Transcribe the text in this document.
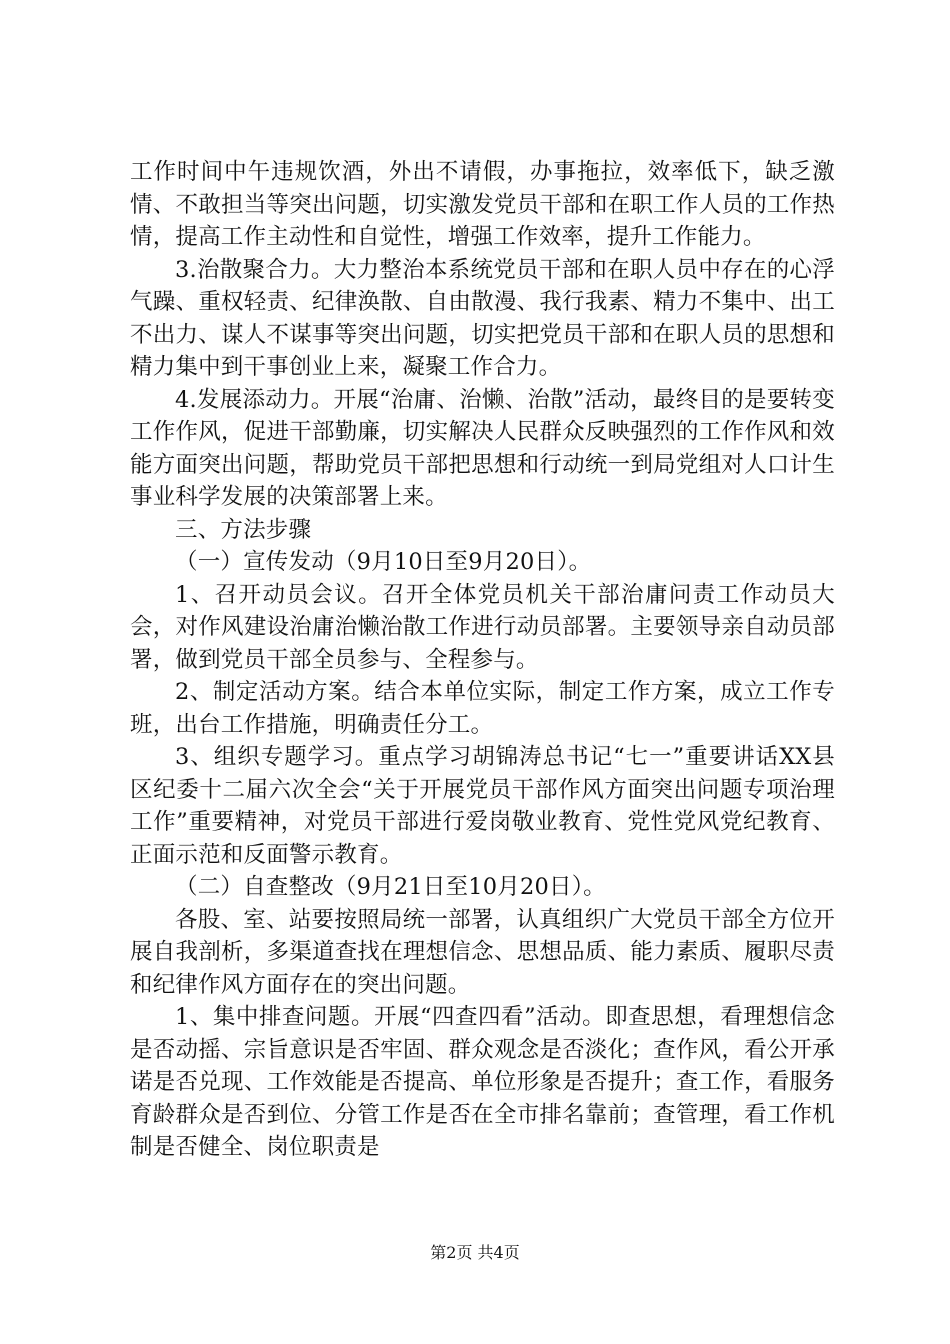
工作时间中午违规饮酒，外出不请假，办事拖拉，效率低下，缺乏激情、不敢担当等突出问题，切实激发党员干部和在职工作人员的工作热情，提高工作主动性和自觉性，增强工作效率，提升工作能力。

3.治散聚合力。大力整治本系统党员干部和在职人员中存在的心浮气躁、重权轻责、纪律涣散、自由散漫、我行我素、精力不集中、出工不出力、谋人不谋事等突出问题，切实把党员干部和在职人员的思想和精力集中到干事创业上来，凝聚工作合力。

4.发展添动力。开展“治庸、治懒、治散”活动，最终目的是要转变工作作风，促进干部勤廉，切实解决人民群众反映强烈的工作作风和效能方面突出问题，帮助党员干部把思想和行动统一到局党组对人口计生事业科学发展的决策部署上来。

三、方法步骤

（一）宣传发动（9月10日至9月20日）。

1、召开动员会议。召开全体党员机关干部治庸问责工作动员大会，对作风建设治庸治懒治散工作进行动员部署。主要领导亲自动员部署，做到党员干部全员参与、全程参与。

2、制定活动方案。结合本单位实际，制定工作方案，成立工作专班，出台工作措施，明确责任分工。

3、组织专题学习。重点学习胡锦涛总书记“七一”重要讲话XX县区纪委十二届六次全会“关于开展党员干部作风方面突出问题专项治理工作”重要精神，对党员干部进行爱岗敬业教育、党性党风党纪教育、正面示范和反面警示教育。

（二）自查整改（9月21日至10月20日）。

各股、室、站要按照局统一部署，认真组织广大党员干部全方位开展自我剖析，多渠道查找在理想信念、思想品质、能力素质、履职尽责和纪律作风方面存在的突出问题。

1、集中排查问题。开展“四查四看”活动。即查思想，看理想信念是否动摇、宗旨意识是否牢固、群众观念是否淡化；查作风，看公开承诺是否兑现、工作效能是否提高、单位形象是否提升；查工作，看服务育龄群众是否到位、分管工作是否在全市排名靠前；查管理，看工作机制是否健全、岗位职责是

第2页 共4页
